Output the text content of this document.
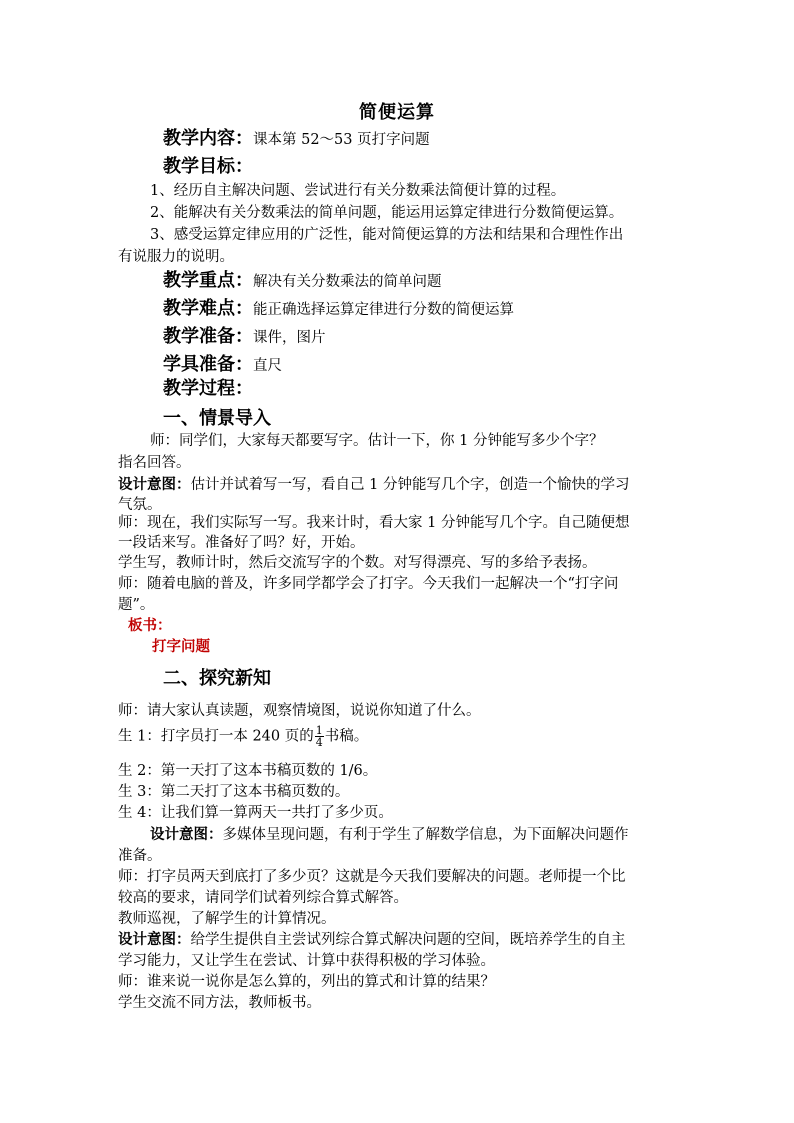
简便运算
教学内容：课本第 52～53 页打字问题
教学目标：
1、经历自主解决问题、尝试进行有关分数乘法简便计算的过程。
2、能解决有关分数乘法的简单问题，能运用运算定律进行分数简便运算。
3、感受运算定律应用的广泛性，能对简便运算的方法和结果和合理性作出
有说服力的说明。
教学重点：解决有关分数乘法的简单问题
教学难点：能正确选择运算定律进行分数的简便运算
教学准备：课件，图片
学具准备：直尺
教学过程：
一、情景导入
师：同学们，大家每天都要写字。估计一下，你 1 分钟能写多少个字？
指名回答。
设计意图：估计并试着写一写，看自己 1 分钟能写几个字，创造一个愉快的学习
气氛。
师：现在，我们实际写一写。我来计时，看大家 1 分钟能写几个字。自己随便想
一段话来写。准备好了吗？好，开始。
学生写，教师计时，然后交流写字的个数。对写得漂亮、写的多给予表扬。
师：随着电脑的普及，许多同学都学会了打字。今天我们一起解决一个“打字问
题”。
板书：
打字问题
二、探究新知
师：请大家认真读题，观察情境图，说说你知道了什么。
生 1：打字员打一本 240 页的 $\frac{1}{4}$ 书稿。
生 2：第一天打了这本书稿页数的 1/6。
生 3：第二天打了这本书稿页数的。
生 4：让我们算一算两天一共打了多少页。
设计意图：多媒体呈现问题，有利于学生了解数学信息，为下面解决问题作
准备。
师：打字员两天到底打了多少页？这就是今天我们要解决的问题。老师提一个比
较高的要求，请同学们试着列综合算式解答。
教师巡视，了解学生的计算情况。
设计意图：给学生提供自主尝试列综合算式解决问题的空间，既培养学生的自主
学习能力，又让学生在尝试、计算中获得积极的学习体验。
师：谁来说一说你是怎么算的，列出的算式和计算的结果？
学生交流不同方法，教师板书。
